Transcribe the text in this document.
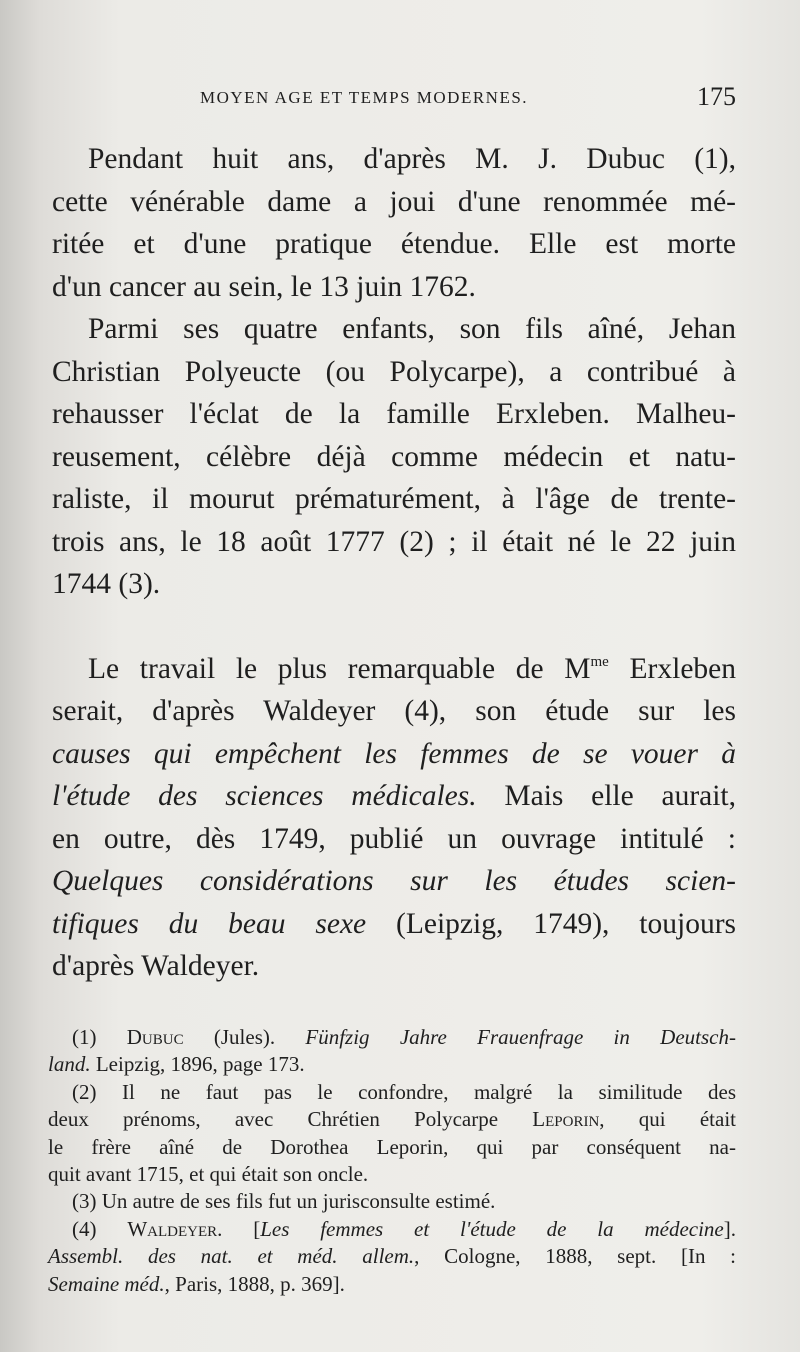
MOYEN AGE ET TEMPS MODERNES.	175
Pendant huit ans, d'après M. J. Dubuc (1),
cette vénérable dame a joui d'une renommée mé-
ritée et d'une pratique étendue. Elle est morte
d'un cancer au sein, le 13 juin 1762.
Parmi ses quatre enfants, son fils aîné, Jehan
Christian Polyeucte (ou Polycarpe), a contribué à
rehausser l'éclat de la famille Erxleben. Malheu-
reusement, célèbre déjà comme médecin et natu-
raliste, il mourut prématurément, à l'âge de trente-
trois ans, le 18 août 1777 (2) ; il était né le 22 juin
1744 (3).
Le travail le plus remarquable de $M^{me}$ Erxleben
serait, d'après Waldeyer (4), son étude sur les
causes qui empêchent les femmes de se vouer à
l'étude des sciences médicales. Mais elle aurait,
en outre, dès 1749, publié un ouvrage intitulé :
Quelques considérations sur les études scien-
tifiques du beau sexe (Leipzig, 1749), toujours
d'après Waldeyer.
(1) Dubuc (Jules). Fünfzig Jahre Frauenfrage in Deutsch-
land. Leipzig, 1896, page 173.
(2) Il ne faut pas le confondre, malgré la similitude des
deux prénoms, avec Chrétien Polycarpe Leporin, qui était
le frère aîné de Dorothea Leporin, qui par conséquent na-
quit avant 1715, et qui était son oncle.
(3) Un autre de ses fils fut un jurisconsulte estimé.
(4) Waldeyer. [Les femmes et l'étude de la médecine].
Assembl. des nat. et méd. allem., Cologne, 1888, sept. [In :
Semaine méd., Paris, 1888, p. 369].
